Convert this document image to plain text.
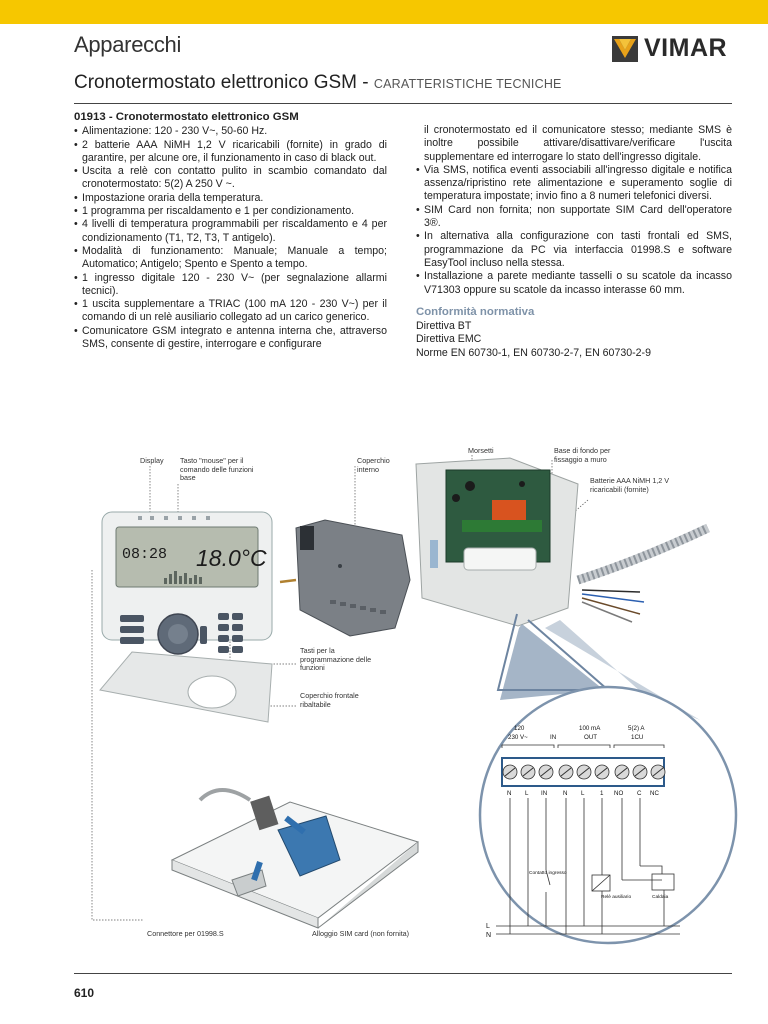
Apparecchi	VIMAR
Cronotermostato elettronico GSM - CARATTERISTICHE TECNICHE
01913 - Cronotermostato elettronico GSM
• Alimentazione: 120 - 230 V~, 50-60 Hz.
• 2 batterie AAA NiMH 1,2 V ricaricabili (fornite) in grado di garantire, per alcune ore, il funzionamento in caso di black out.
• Uscita a relè con contatto pulito in scambio comandato dal cronotermostato: 5(2) A 250 V ~.
• Impostazione oraria della temperatura.
• 1 programma per riscaldamento e 1 per condizionamento.
• 4 livelli di temperatura programmabili per riscaldamento e 4 per condizionamento (T1, T2, T3, T antigelo).
• Modalità di funzionamento: Manuale; Manuale a tempo; Automatico; Antigelo; Spento e Spento a tempo.
• 1 ingresso digitale 120 - 230 V~ (per segnalazione allarmi tecnici).
• 1 uscita supplementare a TRIAC (100 mA 120 - 230 V~) per il comando di un relè ausiliario collegato ad un carico generico.
• Comunicatore GSM integrato e antenna interna che, attraverso SMS, consente di gestire, interrogare e configurare
il cronotermostato ed il comunicatore stesso; mediante SMS è inoltre possibile attivare/disattivare/verificare l'uscita supplementare ed interrogare lo stato dell'ingresso digitale.
• Via SMS, notifica eventi associabili all'ingresso digitale e notifica assenza/ripristino rete alimentazione e superamento soglie di temperatura impostate; invio fino a 8 numeri telefonici diversi.
• SIM Card non fornita; non supportate SIM Card dell'operatore 3®.
• In alternativa alla configurazione con tasti frontali ed SMS, programmazione da PC via interfaccia 01998.S e software EasyTool incluso nella stessa.
• Installazione a parete mediante tasselli o su scatole da incasso V71303 oppure su scatole da incasso interasse 60 mm.
Conformità normativa
Direttiva BT
Direttiva EMC
Norme EN 60730-1, EN 60730-2-7, EN 60730-2-9
08:28 18.0°C
120
230 V~	IN
100 mA
OUT
5(2) A
1CU
N L IN	N L	1 NO C NC
Contatto ingresso
Relè ausiliario	Caldaia
L
N
Display	Tasto "mouse" per il comando delle funzioni base
Coperchio interno
Morsetti	Base di fondo per fissaggio a muro
Batterie AAA NiMH 1,2 V ricaricabili (fornite)
Tasti per la programmazione delle funzioni
Coperchio frontale ribaltabile
Connettore per 01998.S	Alloggio SIM card (non fornita)
610
